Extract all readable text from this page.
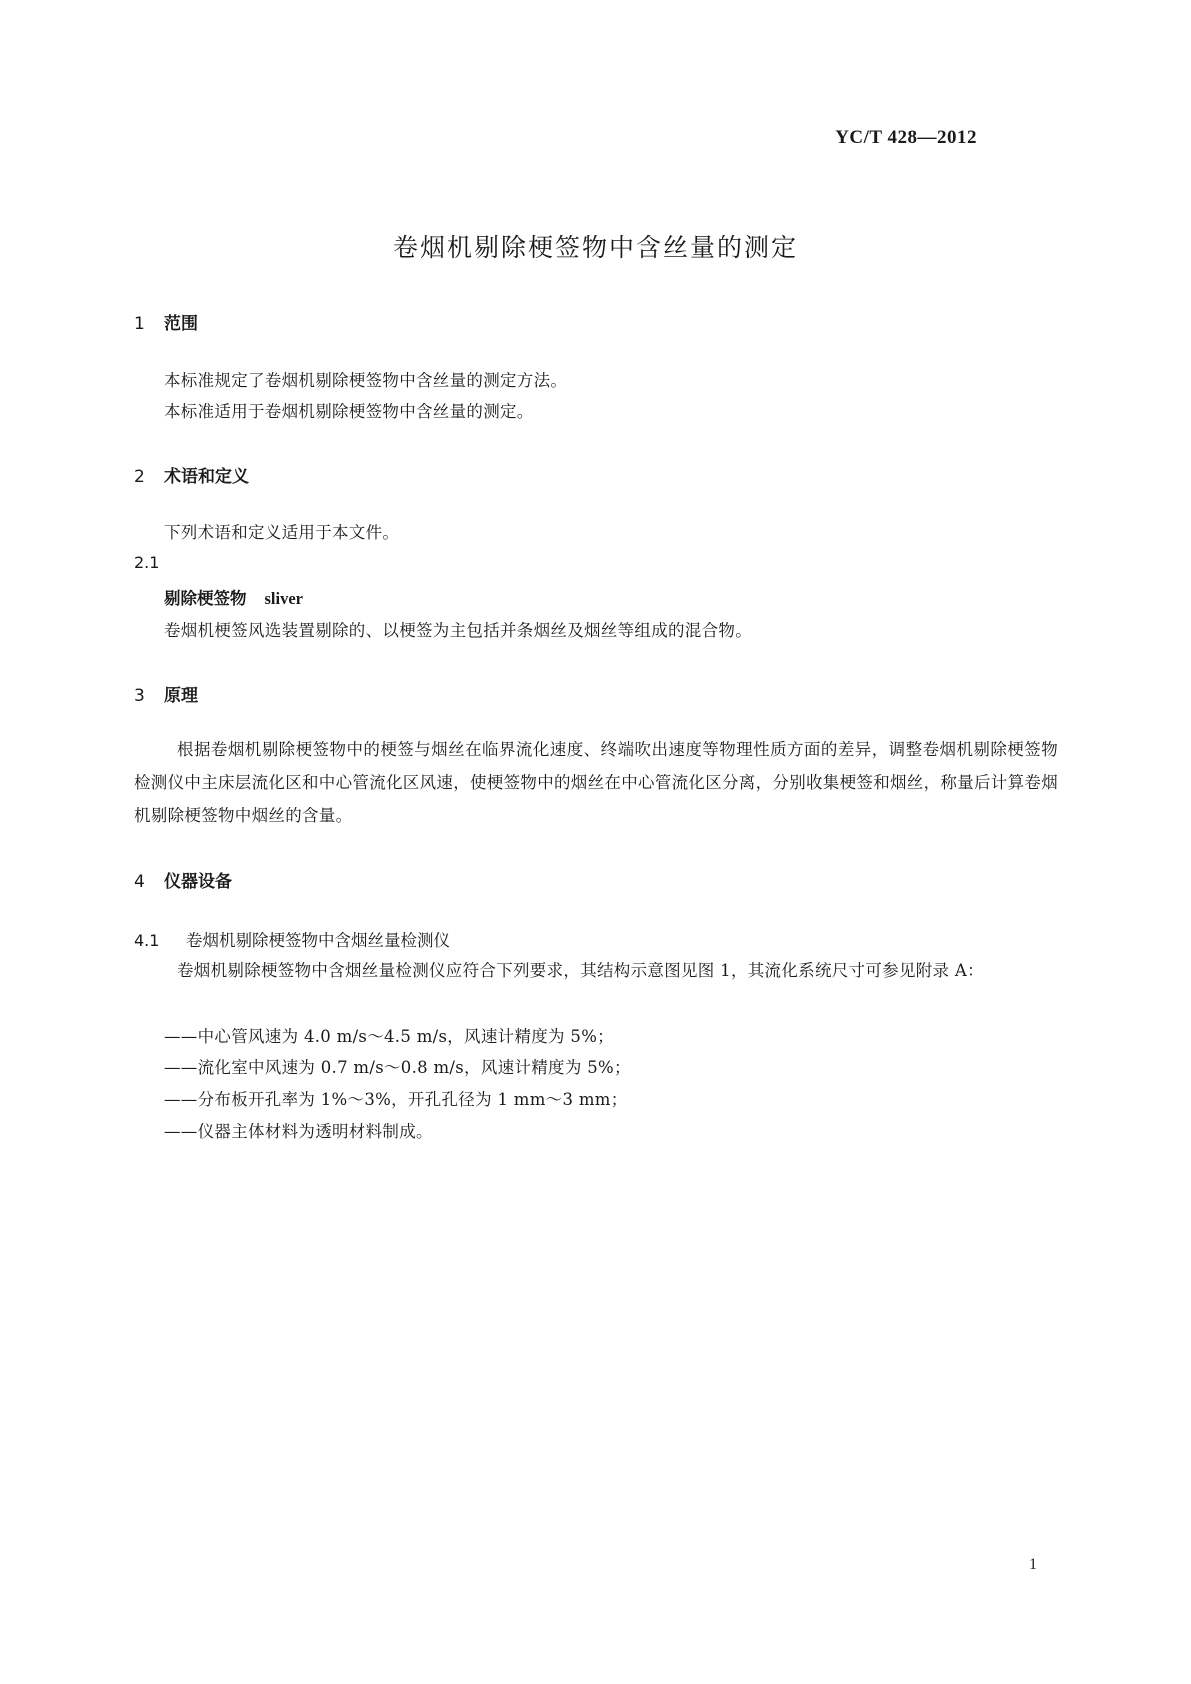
YC/T 428—2012
卷烟机剔除梗签物中含丝量的测定
1 范围
本标准规定了卷烟机剔除梗签物中含丝量的测定方法。
本标准适用于卷烟机剔除梗签物中含丝量的测定。
2 术语和定义
下列术语和定义适用于本文件。
2.1
剔除梗签物 sliver
卷烟机梗签风选装置剔除的、以梗签为主包括并条烟丝及烟丝等组成的混合物。
3 原理
根据卷烟机剔除梗签物中的梗签与烟丝在临界流化速度、终端吹出速度等物理性质方面的差异，调整卷烟机剔除梗签物检测仪中主床层流化区和中心管流化区风速，使梗签物中的烟丝在中心管流化区分离，分别收集梗签和烟丝，称量后计算卷烟机剔除梗签物中烟丝的含量。
4 仪器设备
4.1 卷烟机剔除梗签物中含烟丝量检测仪
卷烟机剔除梗签物中含烟丝量检测仪应符合下列要求，其结构示意图见图 1，其流化系统尺寸可参见附录 A：
——中心管风速为 4.0 m/s～4.5 m/s，风速计精度为 5%；
——流化室中风速为 0.7 m/s～0.8 m/s，风速计精度为 5%；
——分布板开孔率为 1%～3%，开孔孔径为 1 mm～3 mm；
——仪器主体材料为透明材料制成。
1
